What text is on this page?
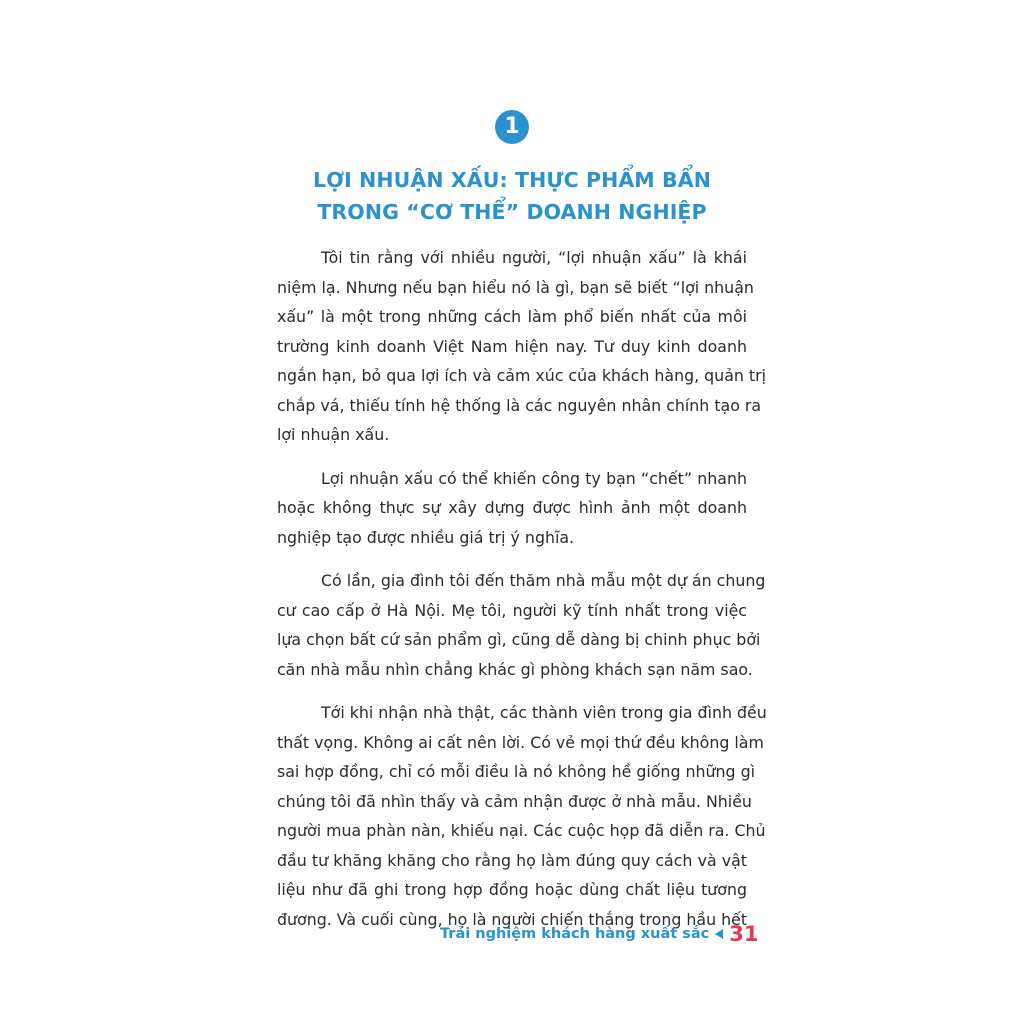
1
LỢI NHUẬN XẤU: THỰC PHẨM BẨN
TRONG “CƠ THỂ” DOANH NGHIỆP

Tôi tin rằng với nhiều người, “lợi nhuận xấu” là khái
niệm lạ. Nhưng nếu bạn hiểu nó là gì, bạn sẽ biết “lợi nhuận
xấu” là một trong những cách làm phổ biến nhất của môi
trường kinh doanh Việt Nam hiện nay. Tư duy kinh doanh
ngắn hạn, bỏ qua lợi ích và cảm xúc của khách hàng, quản trị
chắp vá, thiếu tính hệ thống là các nguyên nhân chính tạo ra
lợi nhuận xấu.

Lợi nhuận xấu có thể khiến công ty bạn “chết” nhanh
hoặc không thực sự xây dựng được hình ảnh một doanh
nghiệp tạo được nhiều giá trị ý nghĩa.

Có lần, gia đình tôi đến thăm nhà mẫu một dự án chung
cư cao cấp ở Hà Nội. Mẹ tôi, người kỹ tính nhất trong việc
lựa chọn bất cứ sản phẩm gì, cũng dễ dàng bị chinh phục bởi
căn nhà mẫu nhìn chẳng khác gì phòng khách sạn năm sao.

Tới khi nhận nhà thật, các thành viên trong gia đình đều
thất vọng. Không ai cất nên lời. Có vẻ mọi thứ đều không làm
sai hợp đồng, chỉ có mỗi điều là nó không hề giống những gì
chúng tôi đã nhìn thấy và cảm nhận được ở nhà mẫu. Nhiều
người mua phàn nàn, khiếu nại. Các cuộc họp đã diễn ra. Chủ
đầu tư khăng khăng cho rằng họ làm đúng quy cách và vật
liệu như đã ghi trong hợp đồng hoặc dùng chất liệu tương
đương. Và cuối cùng, họ là người chiến thắng trong hầu hết

Trải nghiệm khách hàng xuất sắc 31
